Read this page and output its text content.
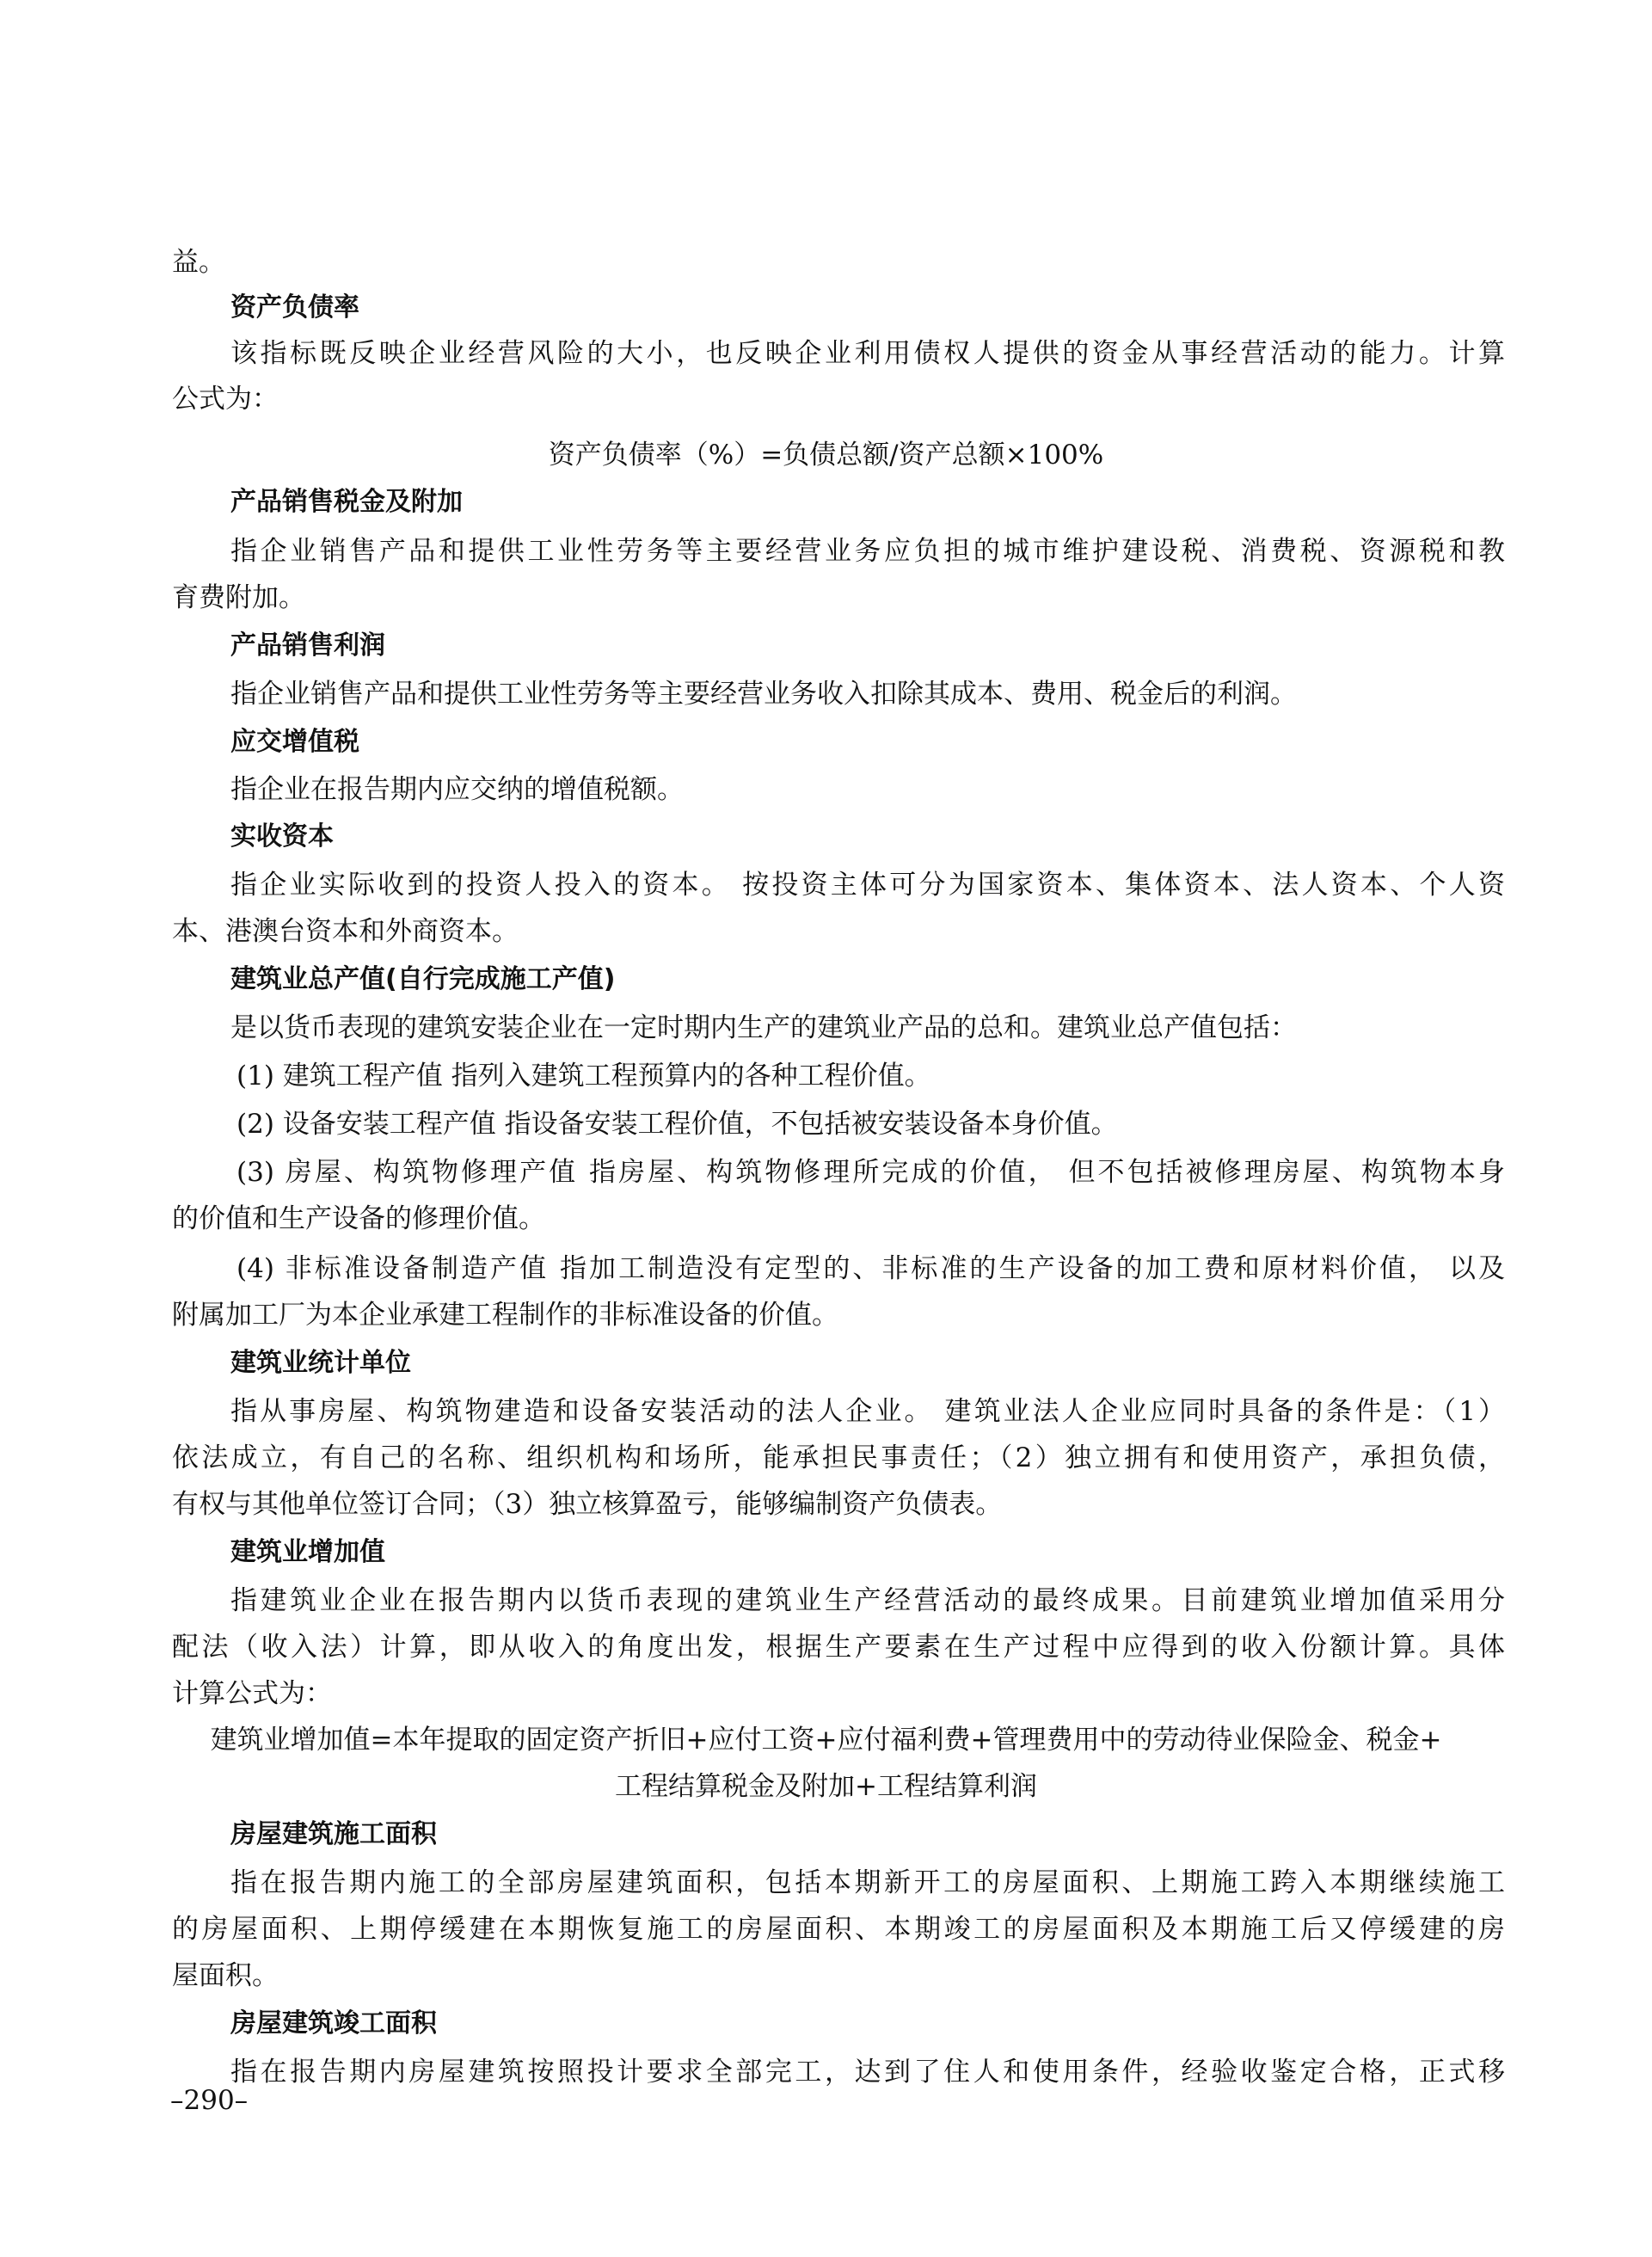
益。
资产负债率
该指标既反映企业经营风险的大小，也反映企业利用债权人提供的资金从事经营活动的能力。计算
公式为：
资产负债率（%）=负债总额/资产总额×100%
产品销售税金及附加
指企业销售产品和提供工业性劳务等主要经营业务应负担的城市维护建设税、消费税、资源税和教
育费附加。
产品销售利润
指企业销售产品和提供工业性劳务等主要经营业务收入扣除其成本、费用、税金后的利润。
应交增值税
指企业在报告期内应交纳的增值税额。
实收资本
指企业实际收到的投资人投入的资本。 按投资主体可分为国家资本、集体资本、法人资本、个人资
本、港澳台资本和外商资本。
建筑业总产值(自行完成施工产值)
是以货币表现的建筑安装企业在一定时期内生产的建筑业产品的总和。建筑业总产值包括：
(1) 建筑工程产值 指列入建筑工程预算内的各种工程价值。
(2) 设备安装工程产值 指设备安装工程价值，不包括被安装设备本身价值。
(3) 房屋、构筑物修理产值 指房屋、构筑物修理所完成的价值， 但不包括被修理房屋、构筑物本身
的价值和生产设备的修理价值。
(4) 非标准设备制造产值 指加工制造没有定型的、非标准的生产设备的加工费和原材料价值， 以及
附属加工厂为本企业承建工程制作的非标准设备的价值。
建筑业统计单位
指从事房屋、构筑物建造和设备安装活动的法人企业。 建筑业法人企业应同时具备的条件是：（1）
依法成立，有自己的名称、组织机构和场所，能承担民事责任；（2）独立拥有和使用资产，承担负债，
有权与其他单位签订合同；（3）独立核算盈亏，能够编制资产负债表。
建筑业增加值
指建筑业企业在报告期内以货币表现的建筑业生产经营活动的最终成果。目前建筑业增加值采用分
配法（收入法）计算，即从收入的角度出发，根据生产要素在生产过程中应得到的收入份额计算。具体
计算公式为：
建筑业增加值=本年提取的固定资产折旧+应付工资+应付福利费+管理费用中的劳动待业保险金、税金+
工程结算税金及附加+工程结算利润
房屋建筑施工面积
指在报告期内施工的全部房屋建筑面积，包括本期新开工的房屋面积、上期施工跨入本期继续施工
的房屋面积、上期停缓建在本期恢复施工的房屋面积、本期竣工的房屋面积及本期施工后又停缓建的房
屋面积。
房屋建筑竣工面积
指在报告期内房屋建筑按照投计要求全部完工，达到了住人和使用条件，经验收鉴定合格，正式移
–290–
